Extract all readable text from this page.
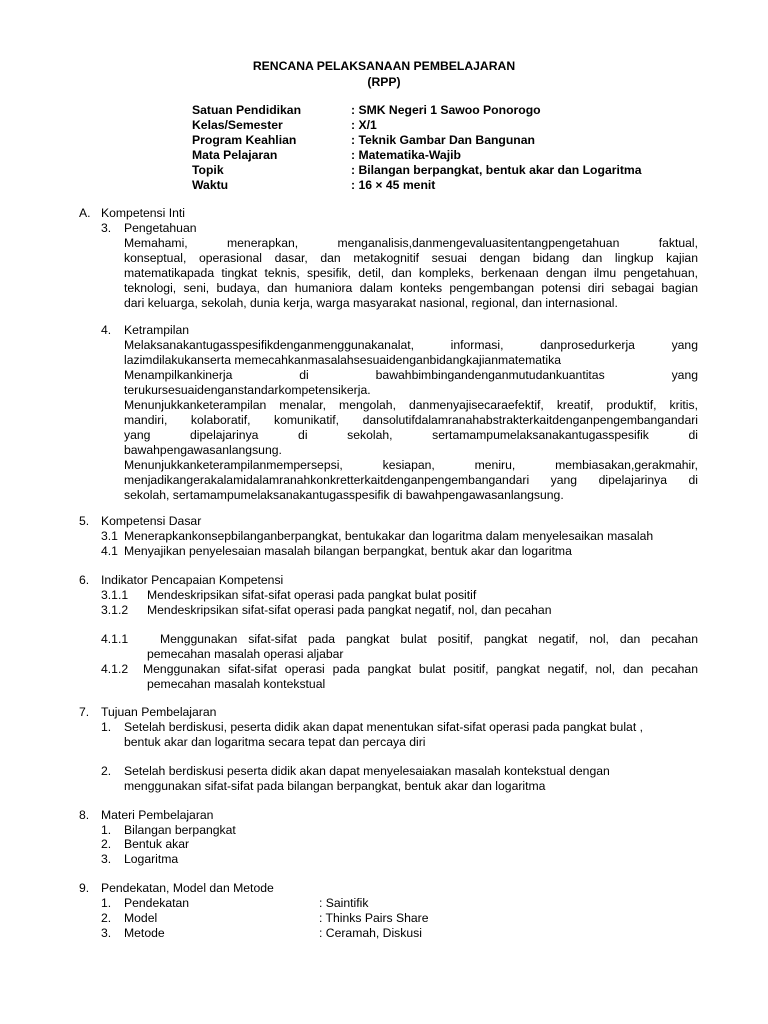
RENCANA PELAKSANAAN PEMBELAJARAN
(RPP)
Satuan Pendidikan	: SMK Negeri 1 Sawoo Ponorogo
Kelas/Semester	: X/1
Program Keahlian	: Teknik Gambar Dan Bangunan
Mata Pelajaran	: Matematika-Wajib
Topik	: Bilangan berpangkat, bentuk akar dan Logaritma
Waktu	: 16 × 45 menit
A. Kompetensi Inti
3. Pengetahuan
Memahami, menerapkan, menganalisis,danmengevaluasitentangpengetahuan faktual,
konseptual, operasional dasar, dan metakognitif sesuai dengan bidang dan lingkup kajian
matematikapada tingkat teknis, spesifik, detil, dan kompleks, berkenaan dengan ilmu pengetahuan,
teknologi, seni, budaya, dan humaniora dalam konteks pengembangan potensi diri sebagai bagian
dari keluarga, sekolah, dunia kerja, warga masyarakat nasional, regional, dan internasional.
4. Ketrampilan
Melaksanakantugasspesifikdenganmenggunakanalat, informasi, danprosedurkerja yang
lazimdilakukanserta memecahkanmasalahsesuaidenganbidangkajianmatematika
Menampilkankinerja di bawahbimbingandenganmutudankuantitas yang
terukursesuaidenganstandarkompetensikerja.
Menunjukkanketerampilan menalar, mengolah, danmenyajisecaraefektif, kreatif, produktif, kritis,
mandiri, kolaboratif, komunikatif, dansolutifdalamranahabstrakterkaitdenganpengembangandari
yang dipelajarinya di sekolah, sertamampumelaksanakantugasspesifik di
bawahpengawasanlangsung.
Menunjukkanketerampilanmempersepsi, kesiapan, meniru, membiasakan,gerakmahir,
menjadikangerakalamidalamranahkonkretterkaitdenganpengembangandari yang dipelajarinya di
sekolah, sertamampumelaksanakantugasspesifik di bawahpengawasanlangsung.
5. Kompetensi Dasar
3.1 Menerapkankonsepbilanganberpangkat, bentukakar dan logaritma dalam menyelesaikan masalah
4.1 Menyajikan penyelesaian masalah bilangan berpangkat, bentuk akar dan logaritma
6. Indikator Pencapaian Kompetensi
3.1.1 Mendeskripsikan sifat-sifat operasi pada pangkat bulat positif
3.1.2 Mendeskripsikan sifat-sifat operasi pada pangkat negatif, nol, dan pecahan
4.1.1	Menggunakan sifat-sifat pada pangkat bulat positif, pangkat negatif, nol, dan pecahan
pemecahan masalah operasi aljabar
4.1.2 Menggunakan sifat-sifat operasi pada pangkat bulat positif, pangkat negatif, nol, dan pecahan
pemecahan masalah kontekstual
7. Tujuan Pembelajaran
1. Setelah berdiskusi, peserta didik akan dapat menentukan sifat-sifat operasi pada pangkat bulat ,
bentuk akar dan logaritma secara tepat dan percaya diri
2. Setelah berdiskusi peserta didik akan dapat menyelesaiakan masalah kontekstual dengan
menggunakan sifat-sifat pada bilangan berpangkat, bentuk akar dan logaritma
8. Materi Pembelajaran
1. Bilangan berpangkat
2. Bentuk akar
3. Logaritma
9. Pendekatan, Model dan Metode
1. Pendekatan	: Saintifik
2. Model	: Thinks Pairs Share
3. Metode	: Ceramah, Diskusi
